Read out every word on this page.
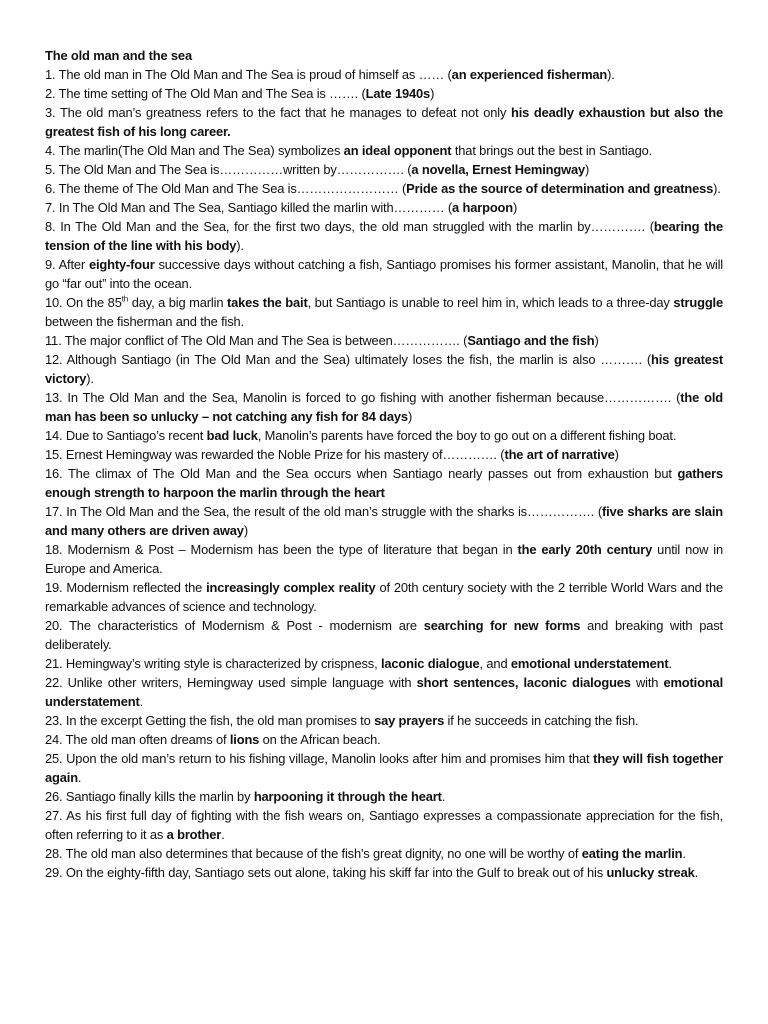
The old man and the sea

1. The old man in The Old Man and The Sea is proud of himself as …… (an experienced fisherman).

2. The time setting of The Old Man and The Sea is ……. (Late 1940s)

3. The old man’s greatness refers to the fact that he manages to defeat not only his deadly exhaustion but also the greatest fish of his long career.

4. The marlin(The Old Man and The Sea) symbolizes an ideal opponent that brings out the best in Santiago.

5. The Old Man and The Sea is……………written by……………. (a novella, Ernest Hemingway)

6. The theme of The Old Man and The Sea is…………………… (Pride as the source of determination and greatness).

7. In The Old Man and The Sea, Santiago killed the marlin with………… (a harpoon)

8. In The Old Man and the Sea, for the first two days, the old man struggled with the marlin by…………. (bearing the tension of the line with his body).

9. After eighty-four successive days without catching a fish, Santiago promises his former assistant, Manolin, that he will go “far out” into the ocean.

10. On the 85th day, a big marlin takes the bait, but Santiago is unable to reel him in, which leads to a three-day struggle between the fisherman and the fish.

11. The major conflict of The Old Man and The Sea is between……………. (Santiago and the fish)

12. Although Santiago (in The Old Man and the Sea) ultimately loses the fish, the marlin is also ………. (his greatest victory).

13. In The Old Man and the Sea, Manolin is forced to go fishing with another fisherman because……………. (the old man has been so unlucky – not catching any fish for 84 days)

14. Due to Santiago’s recent bad luck, Manolin’s parents have forced the boy to go out on a different fishing boat.

15. Ernest Hemingway was rewarded the Noble Prize for his mastery of…………. (the art of narrative)

16. The climax of The Old Man and the Sea occurs when Santiago nearly passes out from exhaustion but gathers enough strength to harpoon the marlin through the heart

17. In The Old Man and the Sea, the result of the old man’s struggle with the sharks is……………. (five sharks are slain and many others are driven away)

18. Modernism & Post – Modernism has been the type of literature that began in the early 20th century until now in Europe and America.

19. Modernism reflected the increasingly complex reality of 20th century society with the 2 terrible World Wars and the remarkable advances of science and technology.

20. The characteristics of Modernism & Post - modernism are searching for new forms and breaking with past deliberately.

21. Hemingway’s writing style is characterized by crispness, laconic dialogue, and emotional understatement.

22. Unlike other writers, Hemingway used simple language with short sentences, laconic dialogues with emotional understatement.

23. In the excerpt Getting the fish, the old man promises to say prayers if he succeeds in catching the fish.

24. The old man often dreams of lions on the African beach.

25. Upon the old man’s return to his fishing village, Manolin looks after him and promises him that they will fish together again.

26. Santiago finally kills the marlin by harpooning it through the heart.

27. As his first full day of fighting with the fish wears on, Santiago expresses a compassionate appreciation for the fish, often referring to it as a brother.

28. The old man also determines that because of the fish's great dignity, no one will be worthy of eating the marlin.

29. On the eighty-fifth day, Santiago sets out alone, taking his skiff far into the Gulf to break out of his unlucky streak.
